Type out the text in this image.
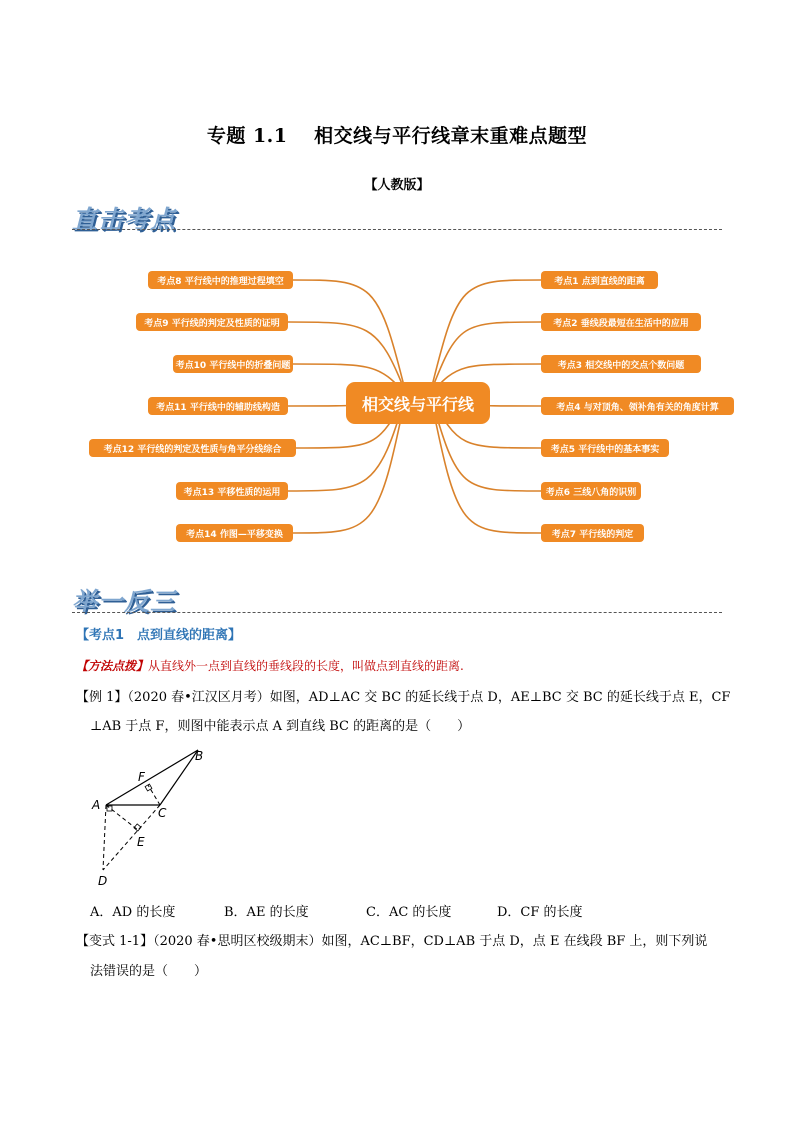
专题 1.1　 相交线与平行线章末重难点题型
【人教版】
直击考点
考点8 平行线中的推理过程填空
考点9 平行线的判定及性质的证明
考点10 平行线中的折叠问题
考点11 平行线中的辅助线构造
考点12 平行线的判定及性质与角平分线综合
考点13 平移性质的运用
考点14 作图—平移变换
考点1 点到直线的距离
考点2 垂线段最短在生活中的应用
考点3 相交线中的交点个数问题
考点4 与对顶角、领补角有关的角度计算
考点5 平行线中的基本事实
考点6 三线八角的识别
考点7 平行线的判定
相交线与平行线
举一反三
【考点1　点到直线的距离】
【方法点拨】从直线外一点到直线的垂线段的长度，叫做点到直线的距离.
【例 1】（2020 春•江汉区月考）如图，AD⊥AC 交 BC 的延长线于点 D，AE⊥BC 交 BC 的延长线于点 E，CF
⊥AB 于点 F，则图中能表示点 A 到直线 BC 的距离的是（　　）
A
B
C
D
E
F
A．AD 的长度	B．AE 的长度	C．AC 的长度	D．CF 的长度
【变式 1-1】（2020 春•思明区校级期末）如图，AC⊥BF，CD⊥AB 于点 D，点 E 在线段 BF 上，则下列说
法错误的是（　　）
